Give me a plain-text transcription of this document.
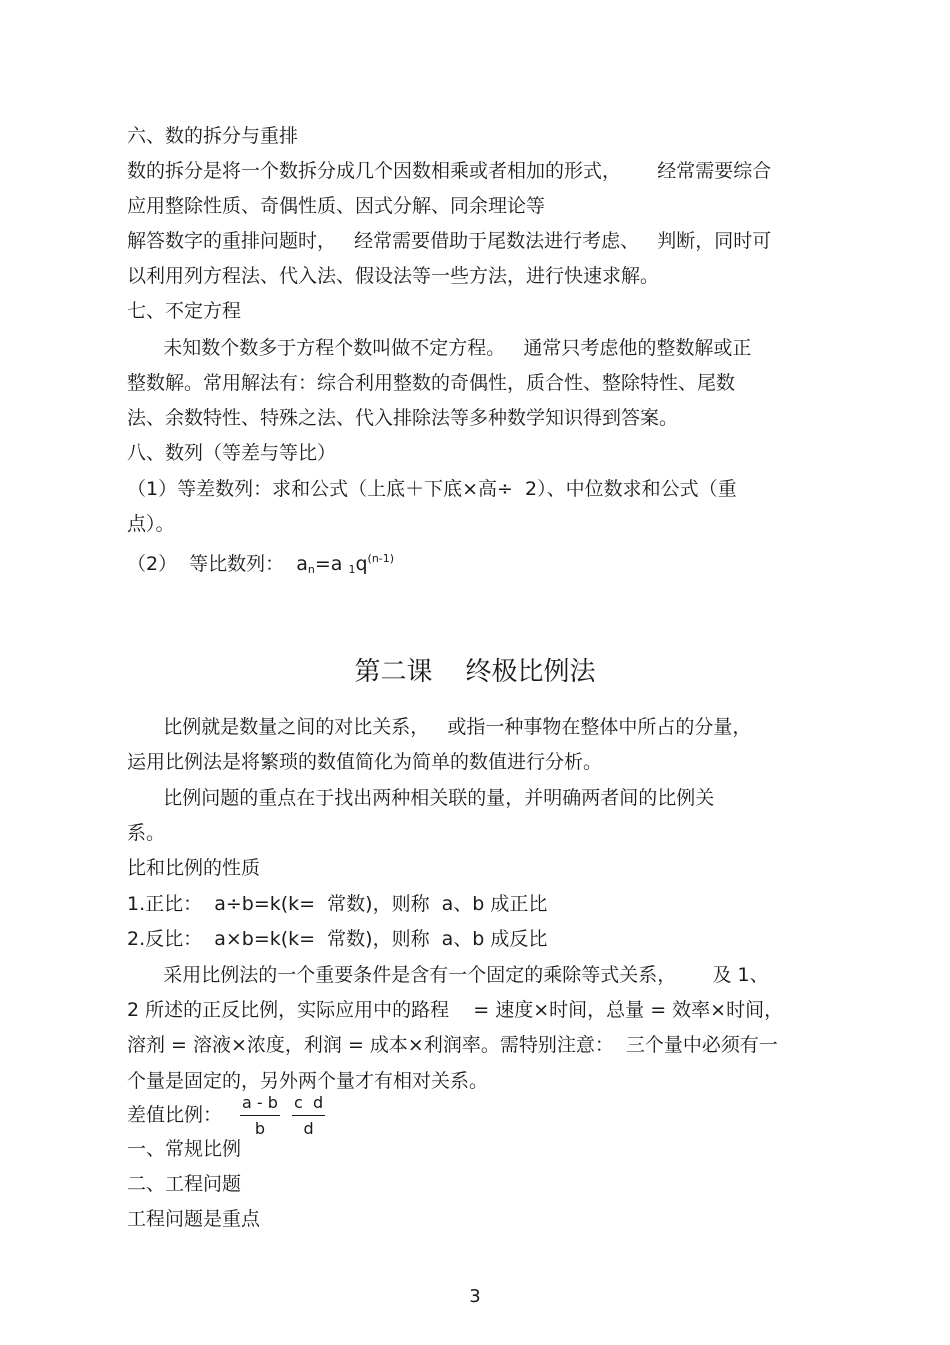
六、数的拆分与重排
数的拆分是将一个数拆分成几个因数相乘或者相加的形式，      经常需要综合
应用整除性质、奇偶性质、因式分解、同余理论等
解答数字的重排问题时，   经常需要借助于尾数法进行考虑、   判断，同时可
以利用列方程法、代入法、假设法等一些方法，进行快速求解。
七、不定方程
未知数个数多于方程个数叫做不定方程。   通常只考虑他的整数解或正
整数解。常用解法有：综合利用整数的奇偶性，质合性、整除特性、尾数
法、余数特性、特殊之法、代入排除法等多种数学知识得到答案。
八、数列（等差与等比）
（1）等差数列：求和公式（上底＋下底×高÷  2）、中位数求和公式（重
点）。
（2）  等比数列：  $a_n=a$ $_1q^{(n-1)}$
第二课    终极比例法
比例就是数量之间的对比关系，   或指一种事物在整体中所占的分量，
运用比例法是将繁琐的数值简化为简单的数值进行分析。
比例问题的重点在于找出两种相关联的量，并明确两者间的比例关
系。
比和比例的性质
1.正比：  a÷b=k(k=  常数)，则称  a、b 成正比
2.反比：  a×b=k(k=  常数)，则称  a、b 成反比
采用比例法的一个重要条件是含有一个固定的乘除等式关系，      及 1、
2 所述的正反比例，实际应用中的路程    = 速度×时间，总量 = 效率×时间，
溶剂 = 溶液×浓度，利润 = 成本×利润率。需特别注意：  三个量中必须有一
个量是固定的，另外两个量才有相对关系。
差值比例： $\frac{a - b}{b} \frac{\text{c  d}}{d}$
一、常规比例
二、工程问题
工程问题是重点
3
